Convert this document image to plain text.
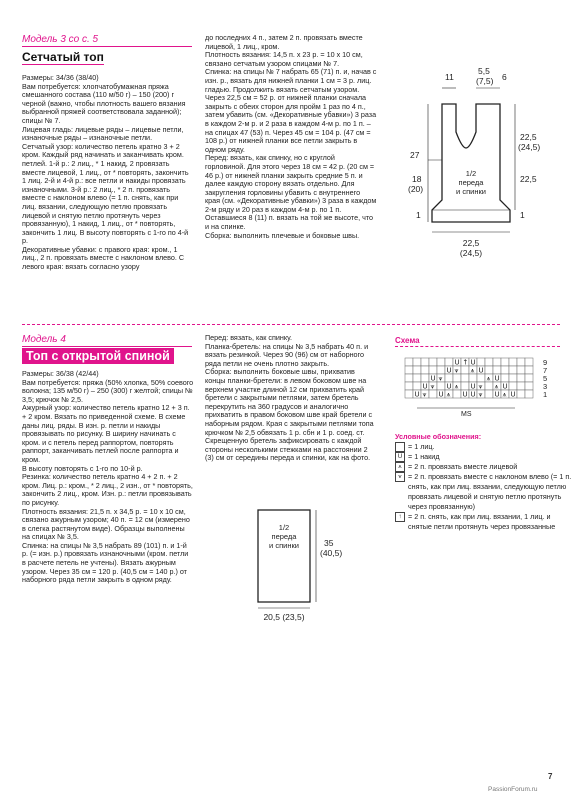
Модель 3 со с. 5
Сетчатый топ

Размеры: 34/36 (38/40)

Вам потребуется: хлопчатобумажная пряжа смешанного состава (110 м/50 г) – 150 (200) г черной (важно, чтобы плотность вашего вязания выбранной пряжей соответствовала заданной); спицы № 7.

Лицевая гладь: лицевые ряды – лицевые петли, изнаночные ряды – изнаночные петли.

Сетчатый узор: количество петель кратно 3 + 2 кром. Каждый ряд начинать и заканчивать кром. петлей. 1-й р.: 2 лиц., * 1 накид, 2 провязать вместе лицевой, 1 лиц., от * повторять, закончить 1 лиц. 2-й и 4-й р.: все петли и накиды провязать изнаночными. 3-й р.: 2 лиц., * 2 п. провязать вместе с наклоном влево (= 1 п. снять, как при лиц. вязании, следующую петлю провязать лицевой и снятую петлю протянуть через провязанную), 1 накид, 1 лиц., от * повторять, закончить 1 лиц. В высоту повторять с 1-го по 4-й р.

Декоративные убавки: с правого края: кром., 1 лиц., 2 п. провязать вместе с наклоном влево. С левого края: вязать согласно узору

до последних 4 п., затем 2 п. провязать вместе лицевой, 1 лиц., кром.

Плотность вязания: 14,5 п. х 23 р. = 10 х 10 см, связано сетчатым узором спицами № 7.

Спинка: на спицы № 7 набрать 65 (71) п. и, начав с изн. р., вязать для нижней планки 1 см = 3 р. лиц. гладью. Продолжить вязать сетчатым узором. Через 22,5 см = 52 р. от нижней планки сначала закрыть с обеих сторон для пройм 1 раз по 4 п., затем убавить (см. «Декоративные убавки») 3 раза в каждом 2-м р. и 2 раза в каждом 4-м р. по 1 п. – на спицах 47 (53) п. Через 45 см = 104 р. (47 см = 108 р.) от нижней планки все петли закрыть в одном ряду.

Перед: вязать, как спинку, но с круглой горловиной. Для этого через 18 см = 42 р. (20 см = 46 р.) от нижней планки закрыть средние 5 п. и далее каждую сторону вязать отдельно. Для закругления горловины убавить с внутреннего края (см. «Декоративные убавки») 3 раза в каждом 2-м ряду и 20 раз в каждом 4-м р. по 1 п. Оставшиеся 8 (11) п. вязать на той же высоте, что и на спинке.

Сборка: выполнить плечевые и боковые швы.

11
5,5
(7,5) 6
27
18
(20)
1
22,5
(24,5)
22,5
1
1/2
переда
и спинки
22,5
(24,5)
Модель 4
Топ с открытой спиной

Размеры: 36/38 (42/44)

Вам потребуется: пряжа (50% хлопка, 50% соевого волокна; 135 м/50 г) – 250 (300) г желтой; спицы № 3,5; крючок № 2,5.

Ажурный узор: количество петель кратно 12 + 3 п. + 2 кром. Вязать по приведенной схеме. В схеме даны лиц. ряды. В изн. р. петли и накиды провязывать по рисунку. В ширину начинать с кром. и с петель перед раппортом, повторять раппорт, заканчивать петлей после раппорта и кром.

В высоту повторять с 1-го по 10-й р.

Резинка: количество петель кратно 4 + 2 п. + 2 кром. Лиц. р.: кром., * 2 лиц., 2 изн., от * повторять, закончить 2 лиц., кром. Изн. р.: петли провязывать по рисунку.

Плотность вязания: 21,5 п. х 34,5 р. = 10 х 10 см, связано ажурным узором; 40 п. = 12 см (измерено в слегка растянутом виде). Образцы выполнены на спицах № 3,5.

Спинка: на спицы № 3,5 набрать 89 (101) п. и 1-й р. (= изн. р.) провязать изнаночными (кром. петли в расчете петель не учтены). Вязать ажурным узором. Через 35 см = 120 р. (40,5 см = 140 р.) от наборного ряда петли закрыть в одном ряду.

Перед: вязать, как спинку.

Планка-бретель: на спицы № 3,5 набрать 40 п. и вязать резинкой. Через 90 (96) см от наборного ряда петли не очень плотно закрыть.

Сборка: выполнить боковые швы, прихватив концы планки-бретели: в левом боковом шве на верхнем участке длиной 12 см прихватить край бретели с закрытыми петлями, затем бретель перекрутить на 360 градусов и аналогично прихватить в правом боковом шве край бретели с наборным рядом. Края с закрытыми петлями топа крючком № 2,5 обвязать 1 р. сбн и 1 р. соед. ст. Скрещенную бретель зафиксировать с каждой стороны несколькими стежками на расстоянии 2 (3) см от середины переда и спинки, как на фото.

1/2
переда
и спинки	35
(40,5)
20,5 (23,5)
Схема
U ↑ U
U ⩛ ⩚ U
U ⩛	⩚ U
U ⩛ U ⩚ U ⩛ ⩚ U
U ⩛ U ⩚ U U ⩛ U ⩚ U
9
7
5
3
1
MS
Условные обозначения:
= 1 лиц.
U = 1 накид
⩚ = 2 п. провязать вместе лицевой
⩛ = 2 п. провязать вместе с наклоном влево (= 1 п. снять, как при лиц. вязании, следующую петлю провязать лицевой и снятую петлю протянуть через провязанную)
↑ = 2 п. снять, как при лиц. вязании, 1 лиц. и снятые петли протянуть через провязанные
7
PassionForum.ru
